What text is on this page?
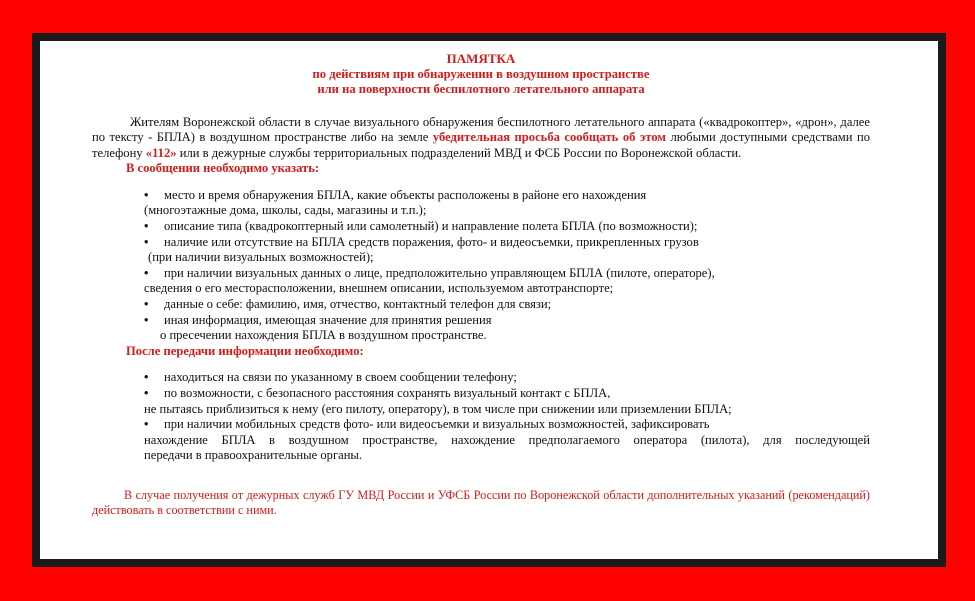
ПАМЯТКА
по действиям при обнаружении в воздушном пространстве
или на поверхности беспилотного летательного аппарата
Жителям Воронежской области в случае визуального обнаружения беспилотного летательного аппарата («квадрокоптер», «дрон», далее по тексту - БПЛА) в воздушном пространстве либо на земле убедительная просьба сообщать об этом любыми доступными средствами по телефону «112» или в дежурные службы территориальных подразделений МВД и ФСБ России по Воронежской области.
В сообщении необходимо указать:
• место и время обнаружения БПЛА, какие объекты расположены в районе его нахождения
(многоэтажные дома, школы, сады, магазины и т.п.);
• описание типа (квадрокоптерный или самолетный) и направление полета БПЛА (по возможности);
• наличие или отсутствие на БПЛА средств поражения, фото- и видеосъемки, прикрепленных грузов
(при наличии визуальных возможностей);
• при наличии визуальных данных о лице, предположительно управляющем БПЛА (пилоте, операторе),
сведения о его месторасположении, внешнем описании, используемом автотранспорте;
• данные о себе: фамилию, имя, отчество, контактный телефон для связи;
• иная информация, имеющая значение для принятия решения
о пресечении нахождения БПЛА в воздушном пространстве.
После передачи информации необходимо:
• находиться на связи по указанному в своем сообщении телефону;
• по возможности, с безопасного расстояния сохранять визуальный контакт с БПЛА,
не пытаясь приблизиться к нему (его пилоту, оператору), в том числе при снижении или приземлении БПЛА;
• при наличии мобильных средств фото- или видеосъемки и визуальных возможностей, зафиксировать
нахождение БПЛА в воздушном пространстве, нахождение предполагаемого оператора (пилота), для последующей
передачи в правоохранительные органы.
В случае получения от дежурных служб ГУ МВД России и УФСБ России по Воронежской области дополнительных указаний (рекомендаций) действовать в соответствии с ними.
